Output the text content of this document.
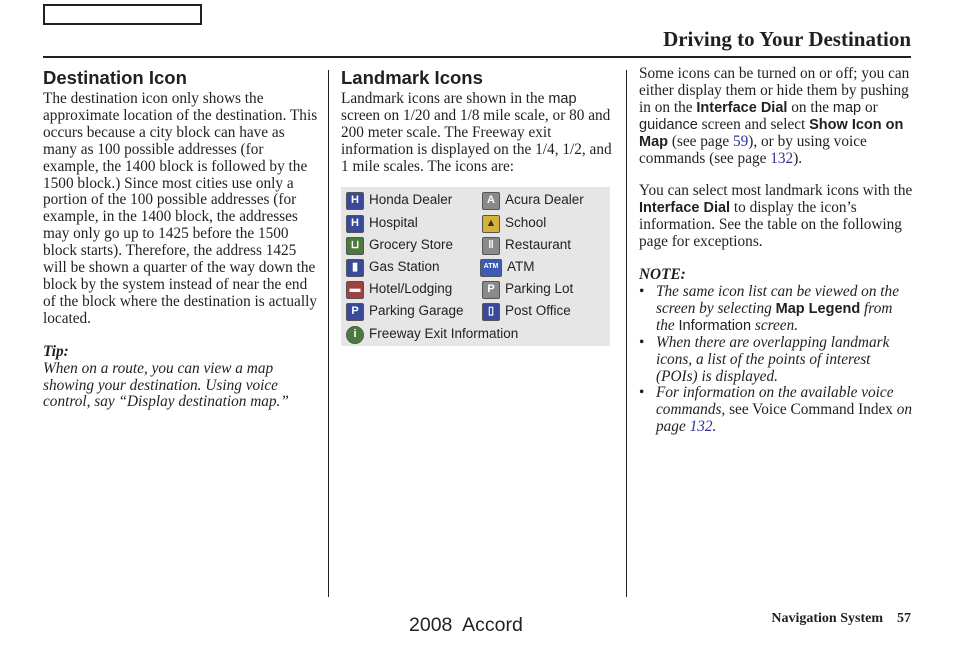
Driving to Your Destination
Destination Icon
The destination icon only shows the approximate location of the destination. This occurs because a city block can have as many as 100 possible addresses (for example, the 1400 block is followed by the 1500 block.) Since most cities use only a portion of the 100 possible addresses (for example, in the 1400 block, the addresses may only go up to 1425 before the 1500 block starts). Therefore, the address 1425 will be shown a quarter of the way down the block by the system instead of near the end of the block where the destination is actually located.
Tip:
When on a route, you can view a map showing your destination. Using voice control, say “Display destination map.”
Landmark Icons
Landmark icons are shown in the map screen on 1/20 and 1/8 mile scale, or 80 and 200 meter scale. The Freeway exit information is displayed on the 1/4, 1/2, and 1 mile scales. The icons are:
H Honda Dealer	A Acura Dealer
H Hospital	▲ School
⊔ Grocery Store	‖ Restaurant
▮ Gas Station	ATM ATM
▬ Hotel/Lodging	P Parking Lot
P Parking Garage	▯ Post Office
i Freeway Exit Information
Some icons can be turned on or off; you can either display them or hide them by pushing in on the Interface Dial on the map or guidance screen and select Show Icon on Map (see page 59), or by using voice commands (see page 132).
You can select most landmark icons with the Interface Dial to display the icon’s information. See the table on the following page for exceptions.
NOTE:
• The same icon list can be viewed on the screen by selecting Map Legend from the Information screen.
• When there are overlapping landmark icons, a list of the points of interest (POIs) is displayed.
• For information on the available voice commands, see Voice Command Index on page 132.
2008  Accord	Navigation System 57
